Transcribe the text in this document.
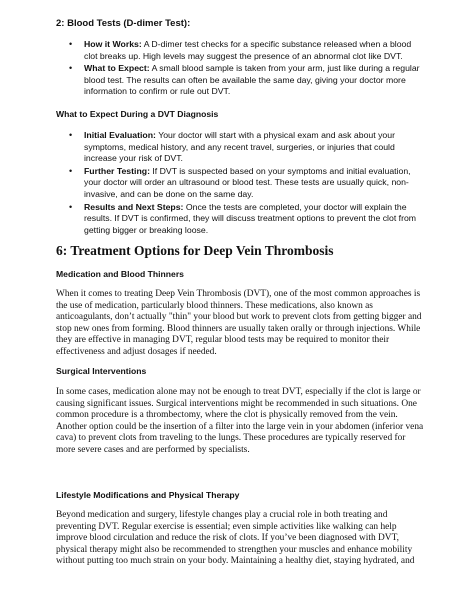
2: Blood Tests (D-dimer Test):
• How it Works: A D-dimer test checks for a specific substance released when a blood clot breaks up. High levels may suggest the presence of an abnormal clot like DVT.
• What to Expect: A small blood sample is taken from your arm, just like during a regular blood test. The results can often be available the same day, giving your doctor more information to confirm or rule out DVT.
What to Expect During a DVT Diagnosis
• Initial Evaluation: Your doctor will start with a physical exam and ask about your symptoms, medical history, and any recent travel, surgeries, or injuries that could increase your risk of DVT.
• Further Testing: If DVT is suspected based on your symptoms and initial evaluation, your doctor will order an ultrasound or blood test. These tests are usually quick, non-invasive, and can be done on the same day.
• Results and Next Steps: Once the tests are completed, your doctor will explain the results. If DVT is confirmed, they will discuss treatment options to prevent the clot from getting bigger or breaking loose.
6: Treatment Options for Deep Vein Thrombosis
Medication and Blood Thinners

When it comes to treating Deep Vein Thrombosis (DVT), one of the most common approaches is the use of medication, particularly blood thinners. These medications, also known as anticoagulants, don’t actually "thin" your blood but work to prevent clots from getting bigger and stop new ones from forming. Blood thinners are usually taken orally or through injections. While they are effective in managing DVT, regular blood tests may be required to monitor their effectiveness and adjust dosages if needed.

Surgical Interventions

In some cases, medication alone may not be enough to treat DVT, especially if the clot is large or causing significant issues. Surgical interventions might be recommended in such situations. One common procedure is a thrombectomy, where the clot is physically removed from the vein. Another option could be the insertion of a filter into the large vein in your abdomen (inferior vena cava) to prevent clots from traveling to the lungs. These procedures are typically reserved for more severe cases and are performed by specialists.

Lifestyle Modifications and Physical Therapy

Beyond medication and surgery, lifestyle changes play a crucial role in both treating and preventing DVT. Regular exercise is essential; even simple activities like walking can help improve blood circulation and reduce the risk of clots. If you’ve been diagnosed with DVT, physical therapy might also be recommended to strengthen your muscles and enhance mobility without putting too much strain on your body. Maintaining a healthy diet, staying hydrated, and
